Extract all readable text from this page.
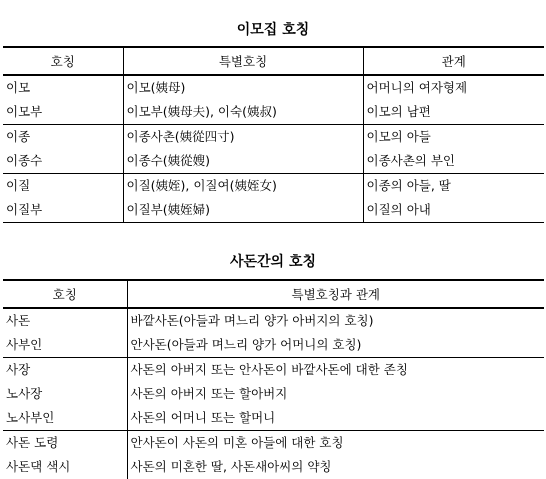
이모집 호칭
호칭	특별호칭	관계
이모	이모(姨母)	어머니의 여자형제
이모부	이모부(姨母夫), 이숙(姨叔)	이모의 남편
이종	이종사촌(姨從四寸)	이모의 아들
이종수	이종수(姨從嫂)	이종사촌의 부인
이질	이질(姨姪), 이질여(姨姪女)	이종의 아들, 딸
이질부	이질부(姨姪婦)	이질의 아내
사돈간의 호칭
호칭	특별호칭과 관계
사돈	바깥사돈(아들과 며느리 양가 아버지의 호칭)
사부인	안사돈(아들과 며느리 양가 어머니의 호칭)
사장	사돈의 아버지 또는 안사돈이 바깥사돈에 대한 존칭
노사장	사돈의 아버지 또는 할아버지
노사부인	사돈의 어머니 또는 할머니
사돈 도령	안사돈이 사돈의 미혼 아들에 대한 호칭
사돈댁 색시	사돈의 미혼한 딸, 사돈새아씨의 약칭
